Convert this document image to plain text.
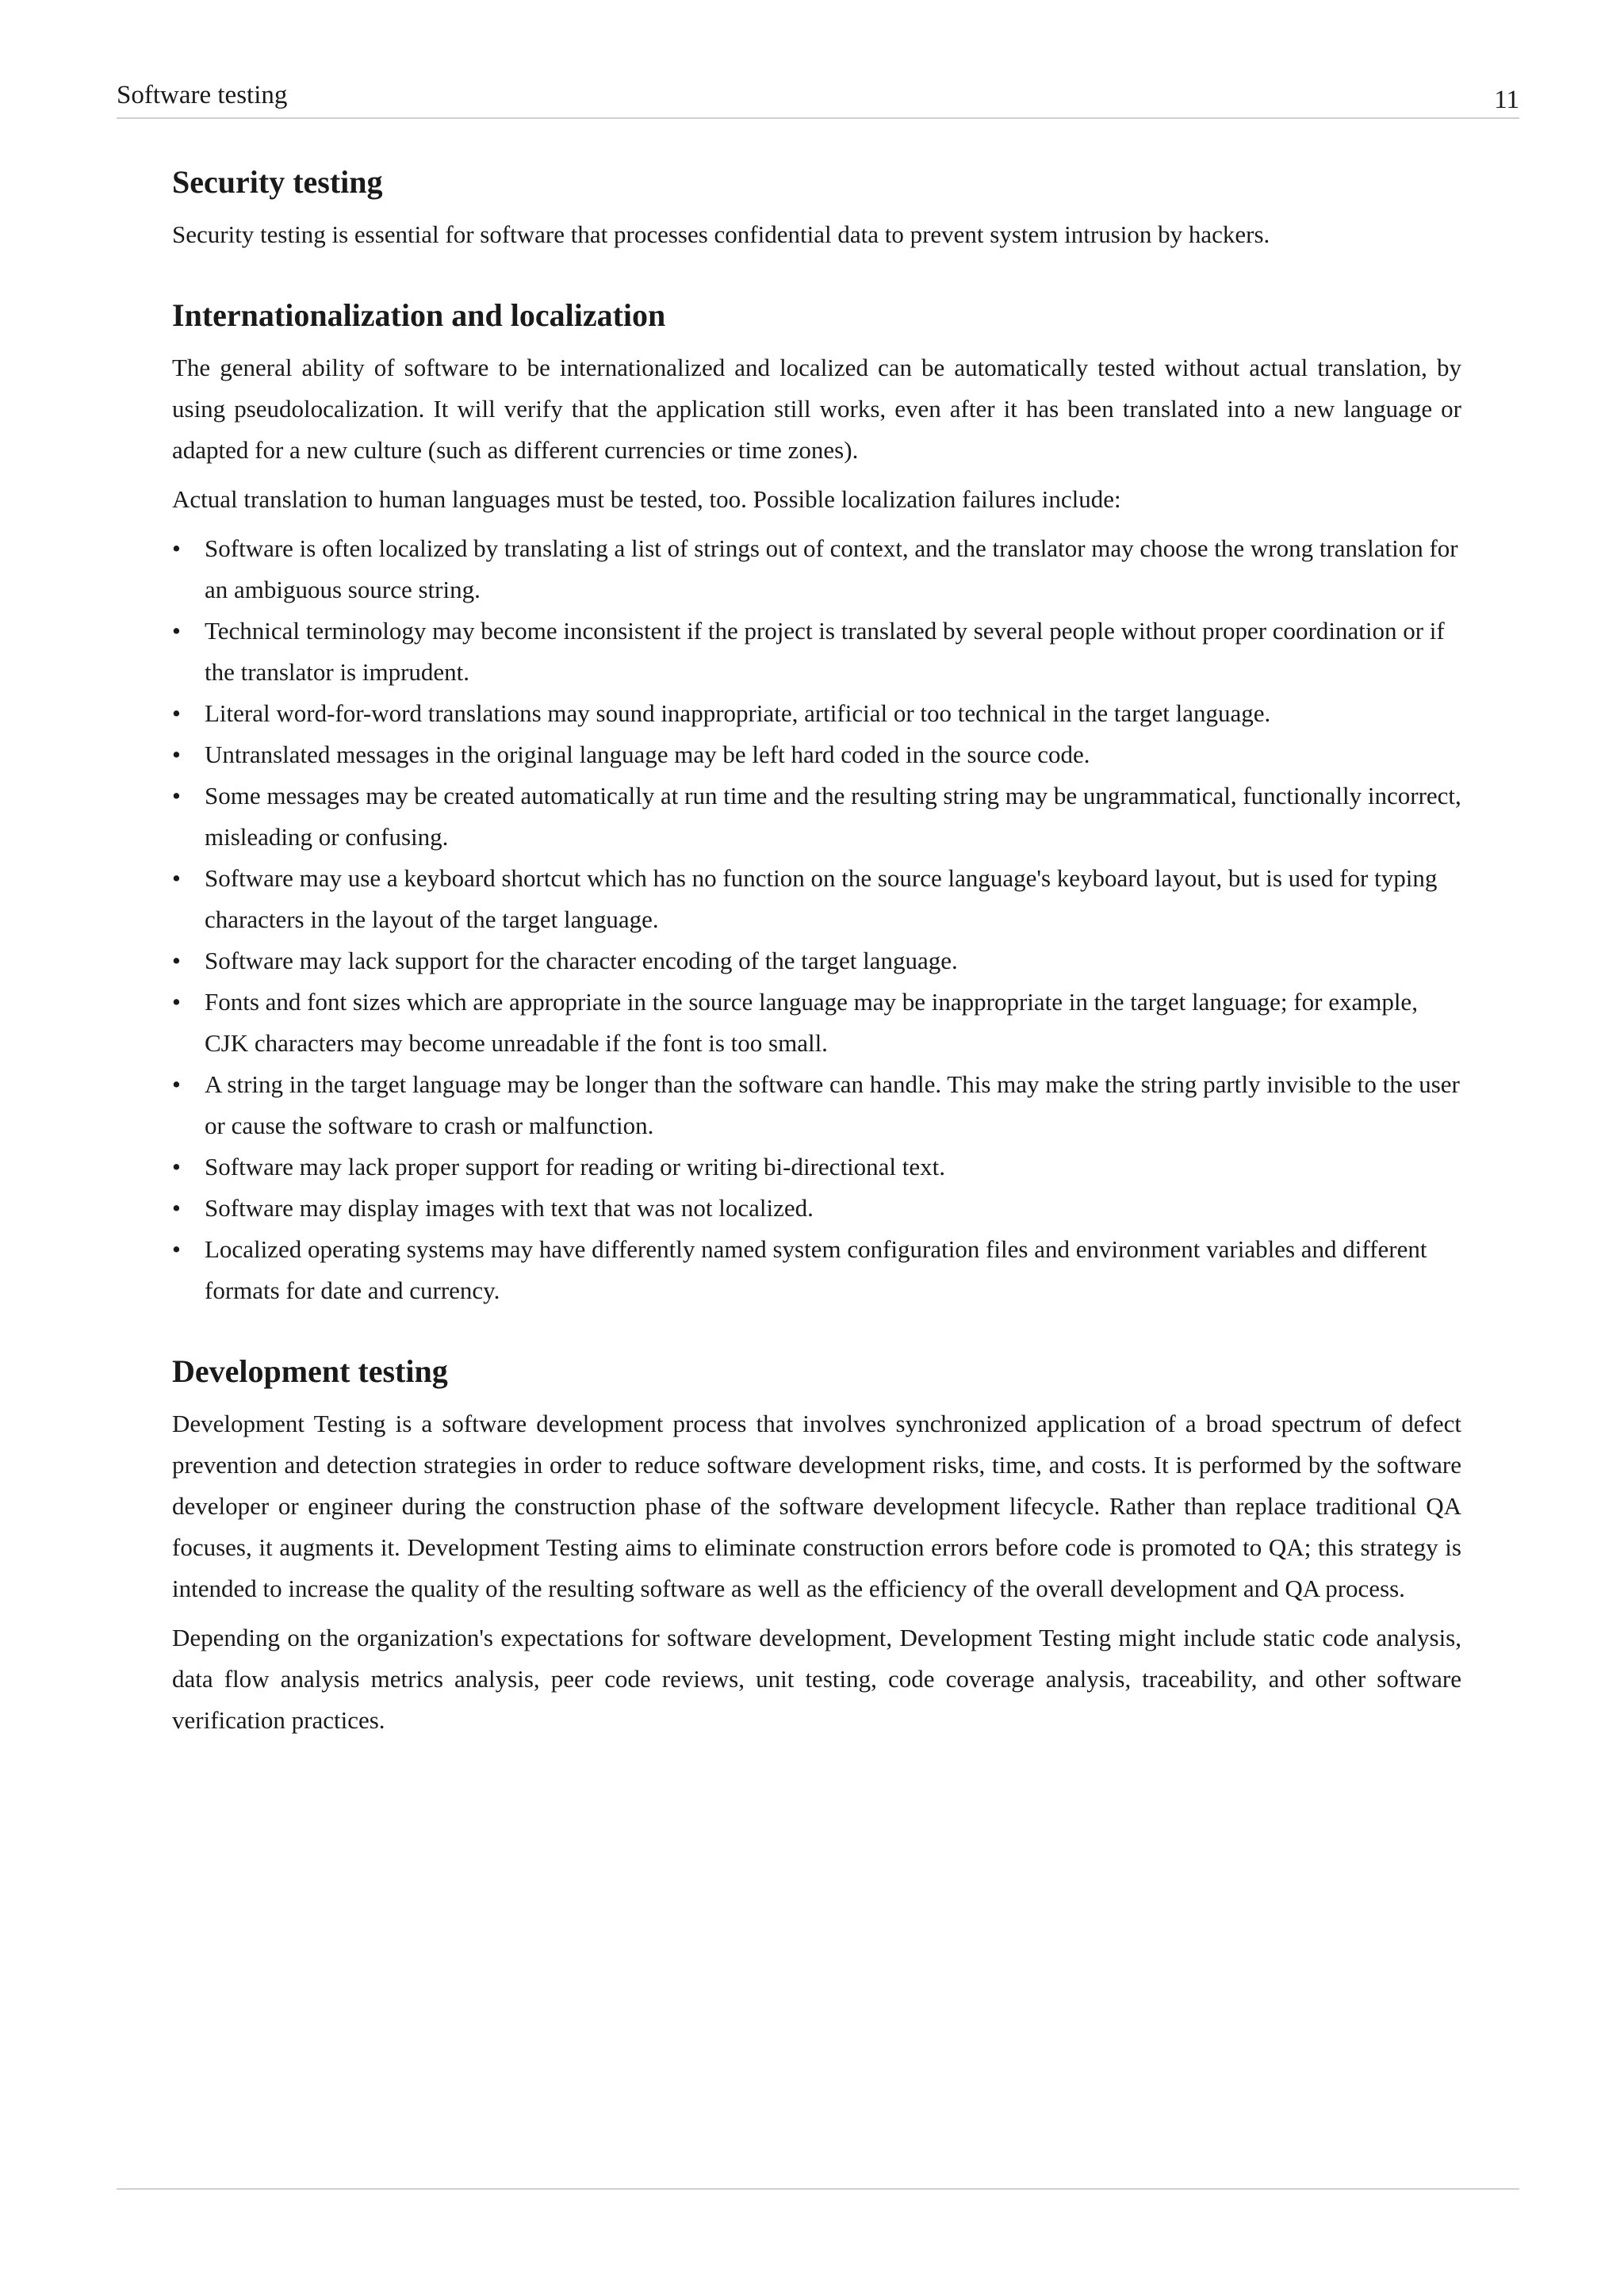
Software testing	11
Security testing

Security testing is essential for software that processes confidential data to prevent system intrusion by hackers.

Internationalization and localization

The general ability of software to be internationalized and localized can be automatically tested without actual translation, by using pseudolocalization. It will verify that the application still works, even after it has been translated into a new language or adapted for a new culture (such as different currencies or time zones).

Actual translation to human languages must be tested, too. Possible localization failures include:

• Software is often localized by translating a list of strings out of context, and the translator may choose the wrong translation for an ambiguous source string.
• Technical terminology may become inconsistent if the project is translated by several people without proper coordination or if the translator is imprudent.
• Literal word-for-word translations may sound inappropriate, artificial or too technical in the target language.
• Untranslated messages in the original language may be left hard coded in the source code.
• Some messages may be created automatically at run time and the resulting string may be ungrammatical, functionally incorrect, misleading or confusing.
• Software may use a keyboard shortcut which has no function on the source language's keyboard layout, but is used for typing characters in the layout of the target language.
• Software may lack support for the character encoding of the target language.
• Fonts and font sizes which are appropriate in the source language may be inappropriate in the target language; for example, CJK characters may become unreadable if the font is too small.
• A string in the target language may be longer than the software can handle. This may make the string partly invisible to the user or cause the software to crash or malfunction.
• Software may lack proper support for reading or writing bi-directional text.
• Software may display images with text that was not localized.
• Localized operating systems may have differently named system configuration files and environment variables and different formats for date and currency.
Development testing

Development Testing is a software development process that involves synchronized application of a broad spectrum of defect prevention and detection strategies in order to reduce software development risks, time, and costs. It is performed by the software developer or engineer during the construction phase of the software development lifecycle. Rather than replace traditional QA focuses, it augments it. Development Testing aims to eliminate construction errors before code is promoted to QA; this strategy is intended to increase the quality of the resulting software as well as the efficiency of the overall development and QA process.

Depending on the organization's expectations for software development, Development Testing might include static code analysis, data flow analysis metrics analysis, peer code reviews, unit testing, code coverage analysis, traceability, and other software verification practices.
